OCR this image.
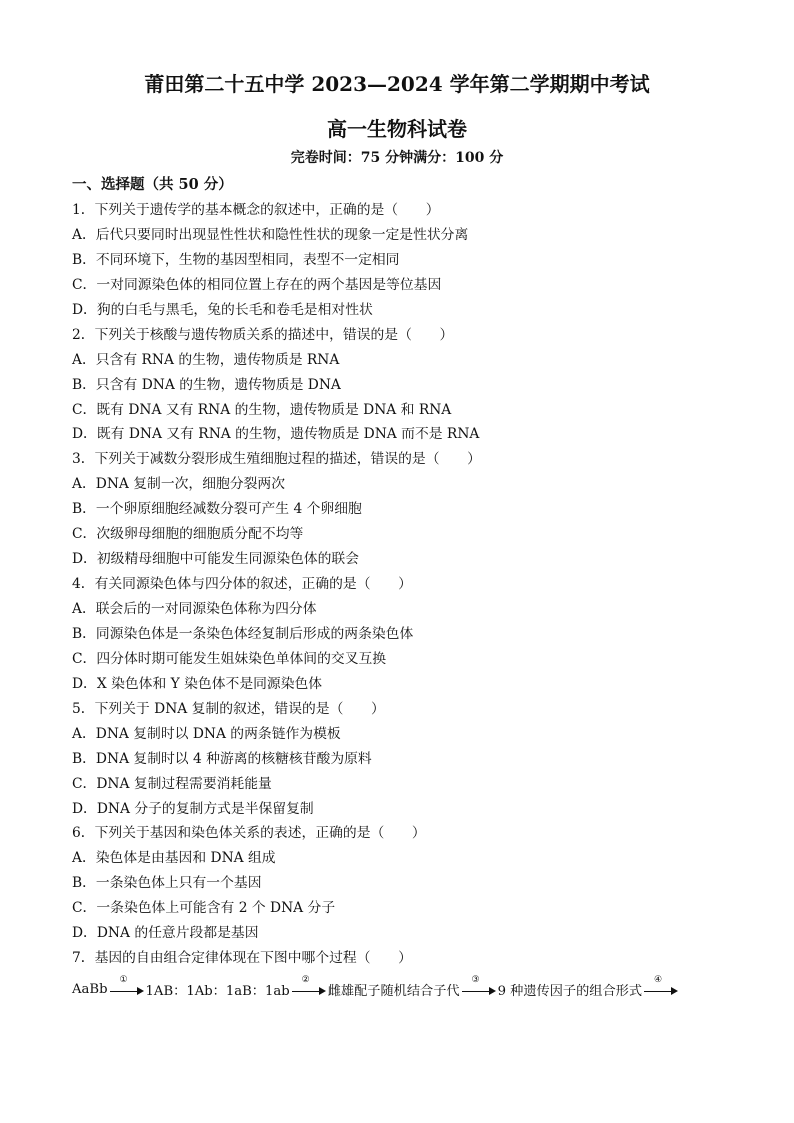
莆田第二十五中学 2023—2024 学年第二学期期中考试
高一生物科试卷
完卷时间：75 分钟满分：100 分
一、选择题（共 50 分）
1．下列关于遗传学的基本概念的叙述中，正确的是（　　）
A．后代只要同时出现显性性状和隐性性状的现象一定是性状分离
B．不同环境下，生物的基因型相同，表型不一定相同
C．一对同源染色体的相同位置上存在的两个基因是等位基因
D．狗的白毛与黑毛，兔的长毛和卷毛是相对性状
2．下列关于核酸与遗传物质关系的描述中，错误的是（　　）
A．只含有 RNA 的生物，遗传物质是 RNA
B．只含有 DNA 的生物，遗传物质是 DNA
C．既有 DNA 又有 RNA 的生物，遗传物质是 DNA 和 RNA
D．既有 DNA 又有 RNA 的生物，遗传物质是 DNA 而不是 RNA
3．下列关于减数分裂形成生殖细胞过程的描述，错误的是（　　）
A．DNA 复制一次，细胞分裂两次
B．一个卵原细胞经减数分裂可产生 4 个卵细胞
C．次级卵母细胞的细胞质分配不均等
D．初级精母细胞中可能发生同源染色体的联会
4．有关同源染色体与四分体的叙述，正确的是（　　）
A．联会后的一对同源染色体称为四分体
B．同源染色体是一条染色体经复制后形成的两条染色体
C．四分体时期可能发生姐妹染色单体间的交叉互换
D．X 染色体和 Y 染色体不是同源染色体
5．下列关于 DNA 复制的叙述，错误的是（　　）
A．DNA 复制时以 DNA 的两条链作为模板
B．DNA 复制时以 4 种游离的核糖核苷酸为原料
C．DNA 复制过程需要消耗能量
D．DNA 分子的复制方式是半保留复制
6．下列关于基因和染色体关系的表述，正确的是（　　）
A．染色体是由基因和 DNA 组成
B．一条染色体上只有一个基因
C．一条染色体上可能含有 2 个 DNA 分子
D．DNA 的任意片段都是基因
7．基因的自由组合定律体现在下图中哪个过程（　　）
AaBb
①
1AB：1Ab：1aB：1ab
②
雌雄配子随机结合子代
③
9 种遗传因子的组合形式
④
